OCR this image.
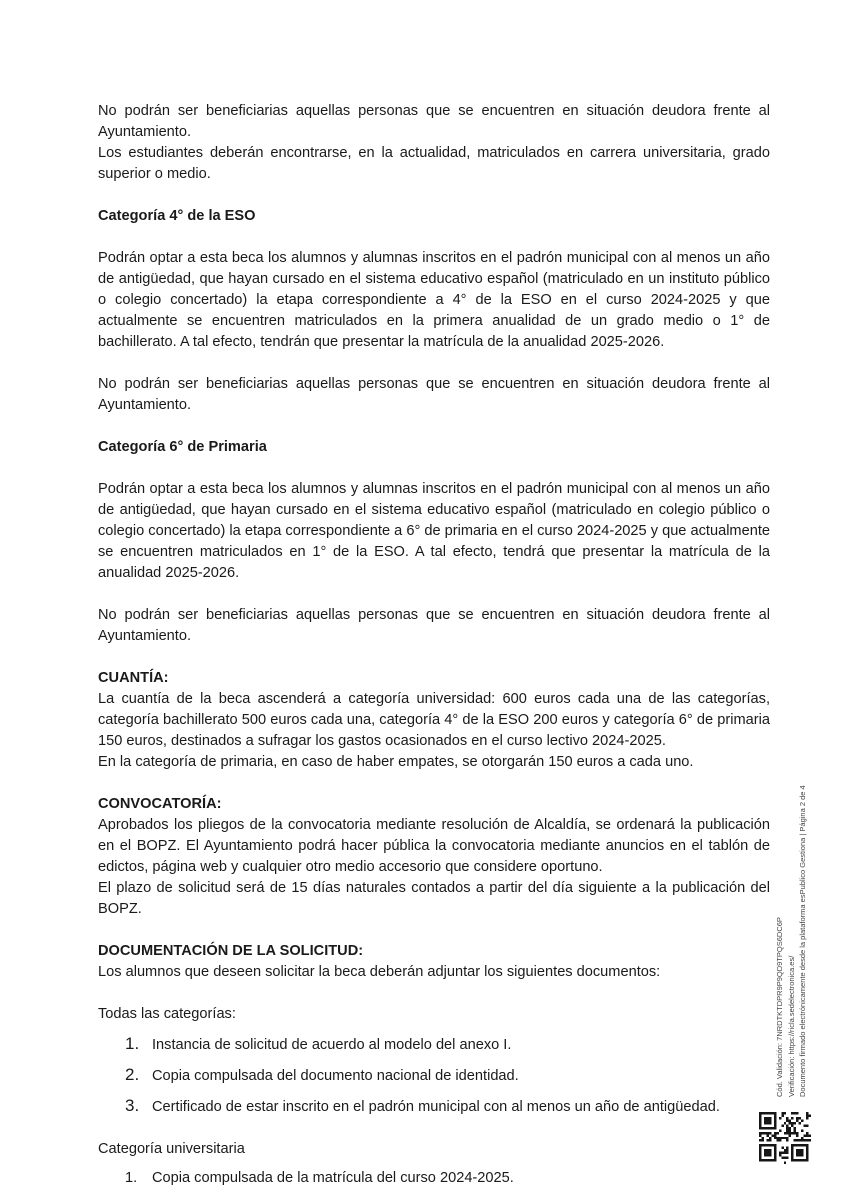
No podrán ser beneficiarias aquellas personas que se encuentren en situación deudora frente al Ayuntamiento.

Los estudiantes deberán encontrarse, en la actualidad, matriculados en carrera universitaria, grado superior o medio.

Categoría 4° de la ESO

Podrán optar a esta beca los alumnos y alumnas inscritos en el padrón municipal con al menos un año de antigüedad, que hayan cursado en el sistema educativo español (matriculado en un instituto público o colegio concertado) la etapa correspondiente a 4° de la ESO en el curso 2024-2025 y que actualmente se encuentren matriculados en la primera anualidad de un grado medio o 1° de bachillerato. A tal efecto, tendrán que presentar la matrícula de la anualidad 2025-2026.

No podrán ser beneficiarias aquellas personas que se encuentren en situación deudora frente al Ayuntamiento.

Categoría 6° de Primaria

Podrán optar a esta beca los alumnos y alumnas inscritos en el padrón municipal con al menos un año de antigüedad, que hayan cursado en el sistema educativo español (matriculado en colegio público o colegio concertado) la etapa correspondiente a 6° de primaria en el curso 2024-2025 y que actualmente se encuentren matriculados en 1° de la ESO. A tal efecto, tendrá que presentar la matrícula de la anualidad 2025-2026.

No podrán ser beneficiarias aquellas personas que se encuentren en situación deudora frente al Ayuntamiento.

CUANTÍA:

La cuantía de la beca ascenderá a categoría universidad: 600 euros cada una de las categorías, categoría bachillerato 500 euros cada una, categoría 4° de la ESO 200 euros y categoría 6° de primaria 150 euros, destinados a sufragar los gastos ocasionados en el curso lectivo 2024-2025.

En la categoría de primaria, en caso de haber empates, se otorgarán 150 euros a cada uno.

CONVOCATORÍA:

Aprobados los pliegos de la convocatoria mediante resolución de Alcaldía, se ordenará la publicación en el BOPZ. El Ayuntamiento podrá hacer pública la convocatoria mediante anuncios en el tablón de edictos, página web y cualquier otro medio accesorio que considere oportuno.

El plazo de solicitud será de 15 días naturales contados a partir del día siguiente a la publicación del BOPZ.

DOCUMENTACIÓN DE LA SOLICITUD:

Los alumnos que deseen solicitar la beca deberán adjuntar los siguientes documentos:

Todas las categorías:

1. Instancia de solicitud de acuerdo al modelo del anexo I.
2. Copia compulsada del documento nacional de identidad.
3. Certificado de estar inscrito en el padrón municipal con al menos un año de antigüedad.

Categoría universitaria

1.	Copia compulsada de la matrícula del curso 2024-2025.
Cód. Validación: 7NRDTKTDPR9P9QD9TPQS6DC6P Verificación: https://ricla.sedelectronica.es/ Documento firmado electrónicamente desde la plataforma esPublico Gestiona | Página 2 de 4
